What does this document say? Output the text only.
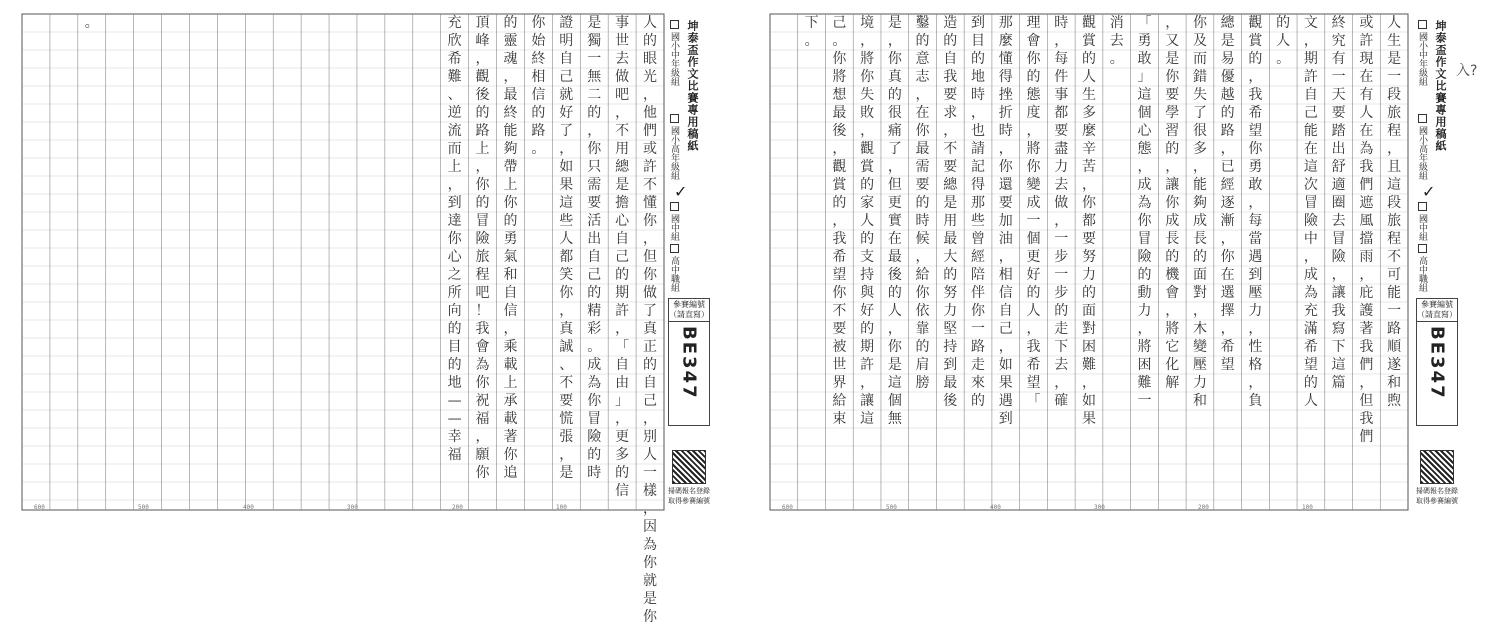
。	充
欣
希
難
、
逆
流
而
上
，
到
達
你
心
之
所
向
的
目
的
地
—
—
幸
福
頂
峰
，
觀
後
的
路
上
，
你
的
冒
險
旅
程
吧
！
我
會
為
你
祝
福
，
願
你
的
靈
魂
，
最
終
能
夠
帶
上
你
的
勇
氣
和
自
信
，
乘
載
上
承
載
著
你
追
你
始
終
相
信
的
路
。
證
明
自
己
就
好
了
，
如
果
這
些
人
都
笑
你
，
真
誠
、
不
要
慌
張
，
是
是
獨
一
無
二
的
，
你
只
需
要
活
出
自
己
的
精
彩
。
成
為
你
冒
險
的
時
事
世
去
做
吧
，
不
用
總
是
擔
心
自
己
的
期
許
，
「
自
由
」
，
更
多
的
信
人
的
眼
光
，
他
們
或
許
不
懂
你
，
但
你
做
了
真
正
的
自
己
，
別
人
一
樣
，
因
為
你
就
是
你
600	500	400	300	200	100
坤泰盃作文比賽專用稿紙
國小中年級組
國小高年級組
✓
國中組
高中職組
參賽編號（請直寫）
BE347
掃碼報名登錄
取得參賽編號
下
。
己
。
你
將
想
最
後
，
觀
賞
的
，
我
希
望
你
不
要
被
世
界
給
束
境
，
將
你
失
敗
，
觀
賞
的
家
人
的
支
持
與
好
的
期
許
，
讓
這
是
，
你
真
的
很
痛
了
，
但
更
實
在
最
後
的
人
，
你
是
這
個
無
鑿
的
意
志
，
在
你
最
需
要
的
時
候
，
給
你
依
靠
的
肩
膀
造
的
自
我
要
求
，
不
要
總
是
用
最
大
的
努
力
堅
持
到
最
後
到
目
的
地
時
，
也
請
記
得
那
些
曾
經
陪
伴
你
一
路
走
來
的
那
麼
懂
得
挫
折
時
，
你
還
要
加
油
，
相
信
自
己
，
如
果
遇
到
理
會
你
的
態
度
，
將
你
變
成
一
個
更
好
的
人
，
我
希
望
「
時
，
每
件
事
都
要
盡
力
去
做
，
一
步
一
步
的
走
下
去
，
確
觀
賞
的
人
生
多
麼
辛
苦
，
你
都
要
努
力
的
面
對
困
難
，
如
果
消
去
。
「
勇
敢
」
這
個
心
態
，
成
為
你
冒
險
的
動
力
，
將
困
難
一
，
又
是
你
要
學
習
的
，
讓
你
成
長
的
機
會
，
將
它
化
解
你
及
而
錯
失
了
很
多
，
能
夠
成
長
的
面
對
，
木
變
壓
力
和
總
是
易
優
越
的
路
，
已
經
逐
漸
，
你
在
選
擇
，
希
望
觀
賞
的
，
我
希
望
你
勇
敢
，
每
當
遇
到
壓
力
，
性
格
，
負
的
人
。
文
，
期
許
自
己
能
在
這
次
冒
險
中
，
成
為
充
滿
希
望
的
人
終
究
有
一
天
要
踏
出
舒
適
圈
去
冒
險
，
讓
我
寫
下
這
篇
或
許
現
在
有
人
在
為
我
們
遮
風
擋
雨
，
庇
護
著
我
們
，
但
我
們
人
生
是
一
段
旅
程
，
且
這
段
旅
程
不
可
能
一
路
順
遂
和
煦
600	500	400	300	200	100
坤泰盃作文比賽專用稿紙
國小中年級組
國小高年級組
✓
國中組
高中職組
參賽編號（請直寫）
BE347
掃碼報名登錄
取得參賽編號
入?
